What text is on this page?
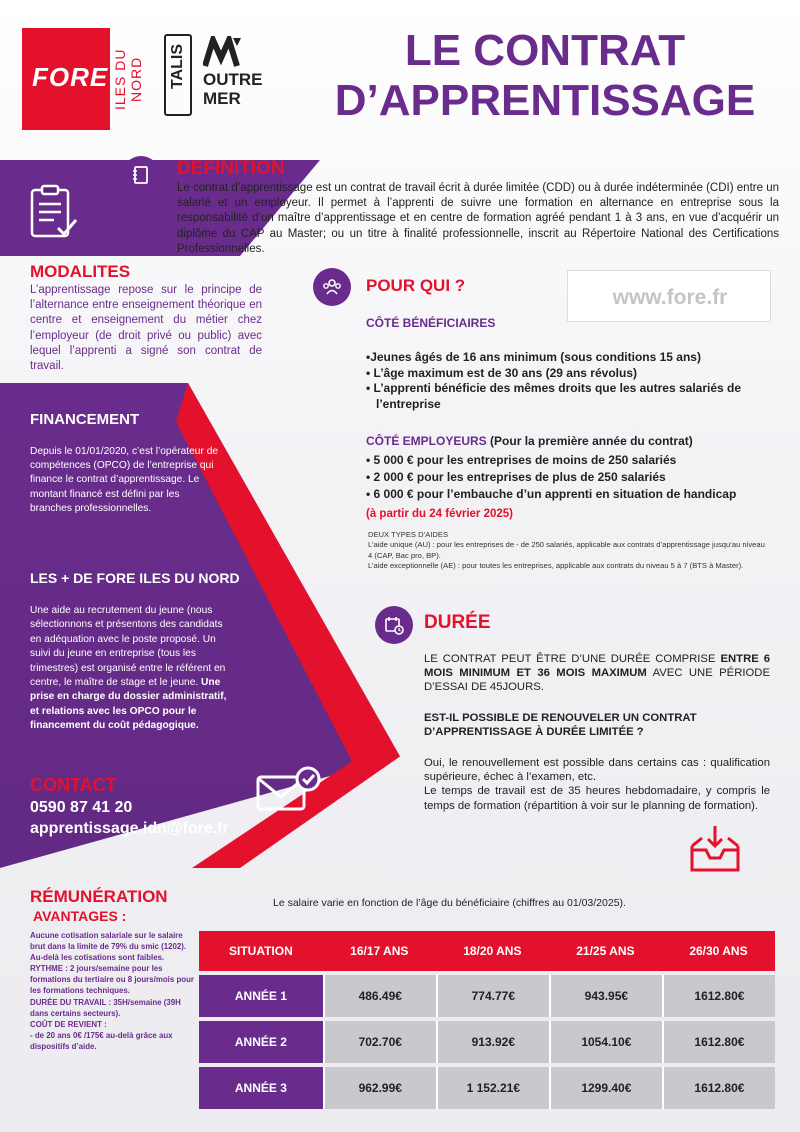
FORE ILES DU NORD TALIS OUTRE
MER
LE CONTRAT
D’APPRENTISSAGE
DEFINITION
Le contrat d’apprentissage est un contrat de travail écrit à durée limitée (CDD) ou à durée indéterminée (CDI) entre un salarié et un employeur. Il permet à l’apprenti de suivre une formation en alternance en entreprise sous la responsabilité d’un maître d’apprentissage et en centre de formation agréé pendant 1 à 3 ans, en vue d’acquérir un diplôme du CAP au Master; ou un titre à finalité professionnelle, inscrit au Répertoire National des Certifications Professionnelles.
MODALITES
L’apprentissage repose sur le principe de l’alternance entre enseignement théorique en centre et enseignement du métier chez l’employeur (de droit privé ou public) avec lequel l’apprenti a signé son contrat de travail.
FINANCEMENT
Depuis le 01/01/2020, c’est l’opérateur de compétences (OPCO) de l’entreprise qui finance le contrat d’apprentissage. Le montant financé est défini par les branches professionnelles.
LES + DE FORE ILES DU NORD
Une aide au recrutement du jeune (nous sélectionnons et présentons des candidats en adéquation avec le poste proposé. Un suivi du jeune en entreprise (tous les trimestres) est organisé entre le référent en centre, le maître de stage et le jeune. Une prise en charge du dossier administratif, et relations avec les OPCO pour le financement du coût pédagogique.
CONTACT
0590 87 41 20
apprentissage.idn@fore.fr
POUR QUI ?
www.fore.fr
CÔTÉ BÉNÉFICIAIRES
•Jeunes âgés de 16 ans minimum (sous conditions 15 ans)
• L’âge maximum est de 30 ans (29 ans révolus)
• L’apprenti bénéficie des mêmes droits que les autres salariés de l’entreprise
CÔTÉ EMPLOYEURS (Pour la première année du contrat)
• 5 000 € pour les entreprises de moins de 250 salariés
• 2 000 € pour les entreprises de plus de 250 salariés
• 6 000 € pour l’embauche d’un apprenti en situation de handicap
(à partir du 24 février 2025)
DEUX TYPES D’AIDES
L’aide unique (AU) : pour les entreprises de - de 250 salariés, applicable aux contrats d’apprentissage jusqu’au niveau 4 (CAP, Bac pro, BP).
L’aide exceptionnelle (AE) : pour toutes les entreprises, applicable aux contrats du niveau 5 à 7 (BTS à Master).
DURÉE
LE CONTRAT PEUT ÊTRE D’UNE DURÉE COMPRISE ENTRE 6 MOIS MINIMUM ET 36 MOIS MAXIMUM AVEC UNE PÉRIODE D’ESSAI DE 45JOURS.
EST-IL POSSIBLE DE RENOUVELER UN CONTRAT D’APPRENTISSAGE À DURÉE LIMITÉE ?
Oui, le renouvellement est possible dans certains cas : qualification supérieure, échec à l’examen, etc.
Le temps de travail est de 35 heures hebdomadaire, y compris le temps de formation (répartition à voir sur le planning de formation).
RÉMUNÉRATION
AVANTAGES :
Aucune cotisation salariale sur le salaire brut dans la limite de 79% du smic (1202). Au-delà les cotisations sont faibles.
RYTHME : 2 jours/semaine pour les formations du tertiaire ou 8 jours/mois pour les formations techniques.
DURÉE DU TRAVAIL : 35H/semaine (39H dans certains secteurs).
COÛT DE REVIENT :
- de 20 ans 0€ /175€ au-delà grâce aux dispositifs d’aide.
Le salaire varie en fonction de l’âge du bénéficiaire (chiffres au 01/03/2025).
SITUATION	16/17 ANS	18/20 ANS	21/25 ANS	26/30 ANS
ANNÉE 1	486.49€	774.77€	943.95€	1612.80€
ANNÉE 2	702.70€	913.92€	1054.10€	1612.80€
ANNÉE 3	962.99€	1 152.21€	1299.40€	1612.80€
